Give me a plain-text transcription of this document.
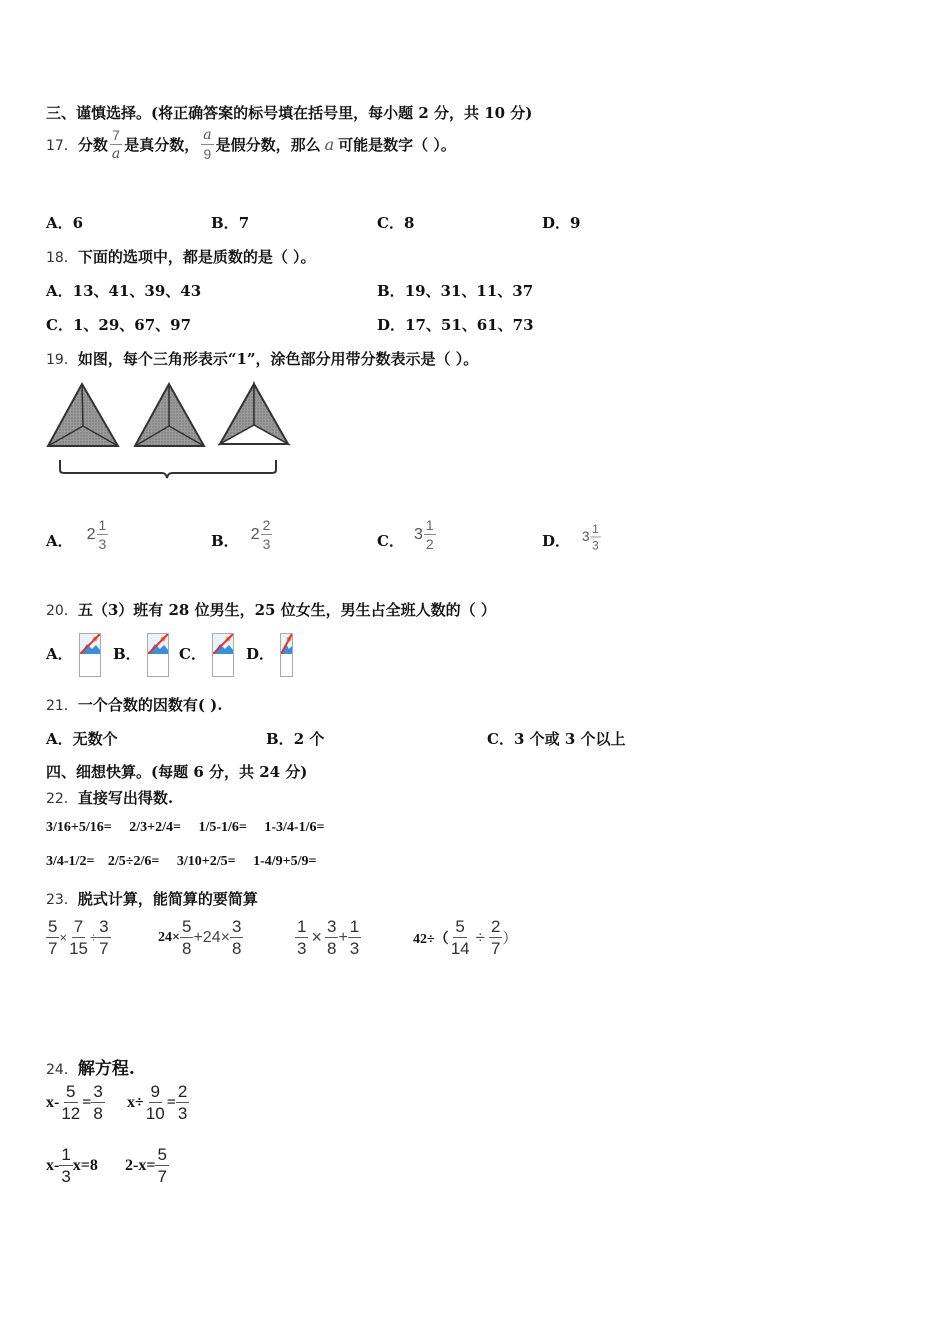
三、谨慎选择。(将正确答案的标号填在括号里，每小题 2 分，共 10 分)
17． 分数 $\frac{7}{a}$ 是真分数， $\frac{a}{9}$ 是假分数，那么 a 可能是数字（ ）。
A．6	B．7	C．8	D．9
18．下面的选项中，都是质数的是（ ）。
A．13、41、39、43	B．19、31、11、37
C．1、29、67、97	D．17、51、61、73
19．如图，每个三角形表示“1”，涂色部分用带分数表示是（ ）。
A． $2 \frac{1}{3}$	B． $2 \frac{2}{3}$	C． $3 \frac{1}{2}$	D． $3 \frac{1}{3}$
20．五（3）班有 28 位男生，25 位女生，男生占全班人数的（ ）
A．	B．	C．	D．
21．一个合数的因数有( ).
A．无数个	B．2 个	C．3 个或 3 个以上
四、细想快算。(每题 6 分，共 24 分)
22．直接写出得数.
3/16+5/16= 2/3+2/4= 1/5-1/6= 1-3/4-1/6=
3/4-1/2= 2/5÷2/6= 3/10+2/5= 1-4/9+5/9=
23．脱式计算，能简算的要简算
$\frac{5}{7} \times \frac{7}{15} \div \frac{3}{7}$	$24\times \frac{5}{8} +24\times \frac{3}{8}$	$\frac{1}{3} \times \frac{3}{8} + \frac{1}{3}$	$42\div( \frac{5}{14} \div \frac{2}{7}$ ）
24．解方程.
$x- \frac{5}{12} = \frac{3}{8} x\div \frac{9}{10} = \frac{2}{3}$
$x- \frac{1}{3} x=8$ $2-x= \frac{5}{7}$
